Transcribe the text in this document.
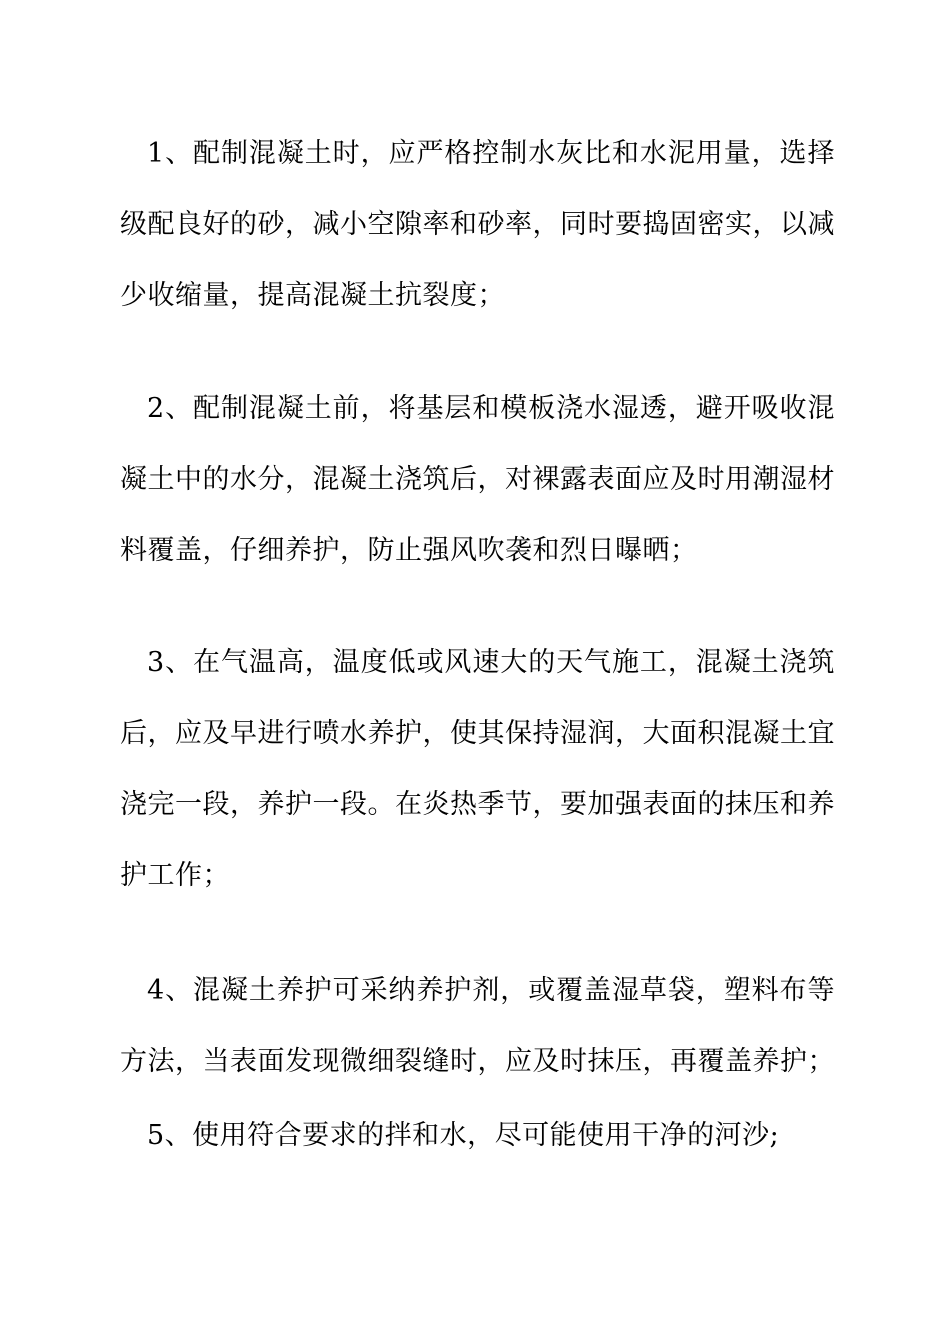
1、配制混凝土时，应严格控制水灰比和水泥用量，选择级配良好的砂，减小空隙率和砂率，同时要捣固密实，以减少收缩量，提高混凝土抗裂度；

2、配制混凝土前，将基层和模板浇水湿透，避开吸收混凝土中的水分，混凝土浇筑后，对裸露表面应及时用潮湿材料覆盖，仔细养护，防止强风吹袭和烈日曝晒；

3、在气温高，温度低或风速大的天气施工，混凝土浇筑后，应及早进行喷水养护，使其保持湿润，大面积混凝土宜浇完一段，养护一段。在炎热季节，要加强表面的抹压和养护工作；

4、混凝土养护可采纳养护剂，或覆盖湿草袋，塑料布等方法，当表面发现微细裂缝时，应及时抹压，再覆盖养护；

5、使用符合要求的拌和水，尽可能使用干净的河沙;
